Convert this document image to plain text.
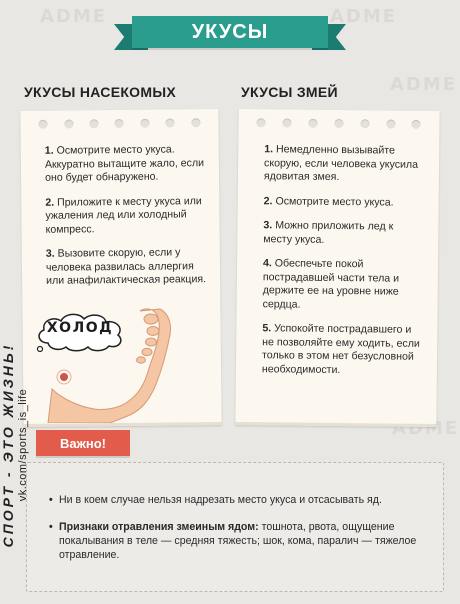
ADME	ADME
ADME
ADME
УКУСЫ
УКУСЫ НАСЕКОМЫХ	УКУСЫ ЗМЕЙ
1. Осмотрите место укуса. Аккуратно вытащите жало, если оно будет обнаружено.
2. Приложите к месту укуса или ужаления лед или холодный компресс.
3. Вызовите скорую, если у человека развилась аллергия или анафилактическая реакция.
ХОЛОД
1. Немедленно вызывайте скорую, если человека укусила ядовитая змея.
2. Осмотрите место укуса.
3. Можно приложить лед к месту укуса.
4. Обеспечьте покой пострадавшей части тела и держите ее на уровне ниже сердца.
5. Успокойте пострадавшего и не позволяйте ему ходить, если только в этом нет безусловной необходимости.
СПОРТ - ЭТО ЖИЗНЬ! vk.com/sports_is_life
•	Ни в коем случае нельзя надрезать место укуса и отсасывать яд.
• Признаки отравления змеиным ядом: тошнота, рвота, ощущение покалывания в теле — средняя тяжесть; шок, кома, паралич — тяжелое отравление.
Важно!
